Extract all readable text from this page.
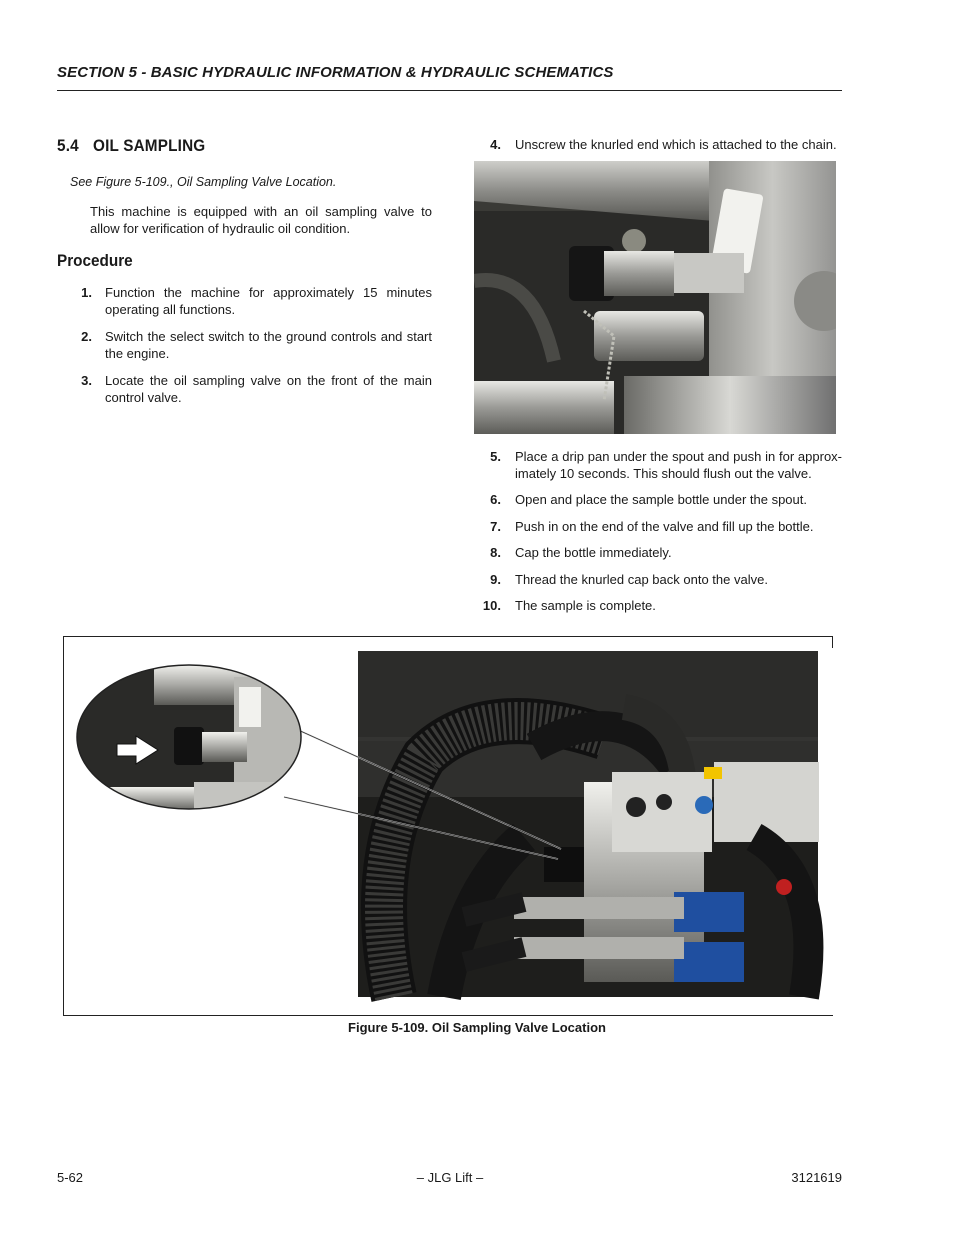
SECTION 5 - BASIC HYDRAULIC INFORMATION & HYDRAULIC SCHEMATICS
5.4 OIL SAMPLING
See Figure 5-109., Oil Sampling Valve Location.
This machine is equipped with an oil sampling valve to allow for verification of hydraulic oil condition.
Procedure
1. Function the machine for approximately 15 minutes operating all functions.
2. Switch the select switch to the ground controls and start the engine.
3. Locate the oil sampling valve on the front of the main control valve.
4. Unscrew the knurled end which is attached to the chain.
5. Place a drip pan under the spout and push in for approx-imately 10 seconds. This should flush out the valve.
6. Open and place the sample bottle under the spout.
7. Push in on the end of the valve and fill up the bottle.
8. Cap the bottle immediately.
9. Thread the knurled cap back onto the valve.
10. The sample is complete.
Figure 5-109. Oil Sampling Valve Location
5-62	– JLG Lift –	3121619
